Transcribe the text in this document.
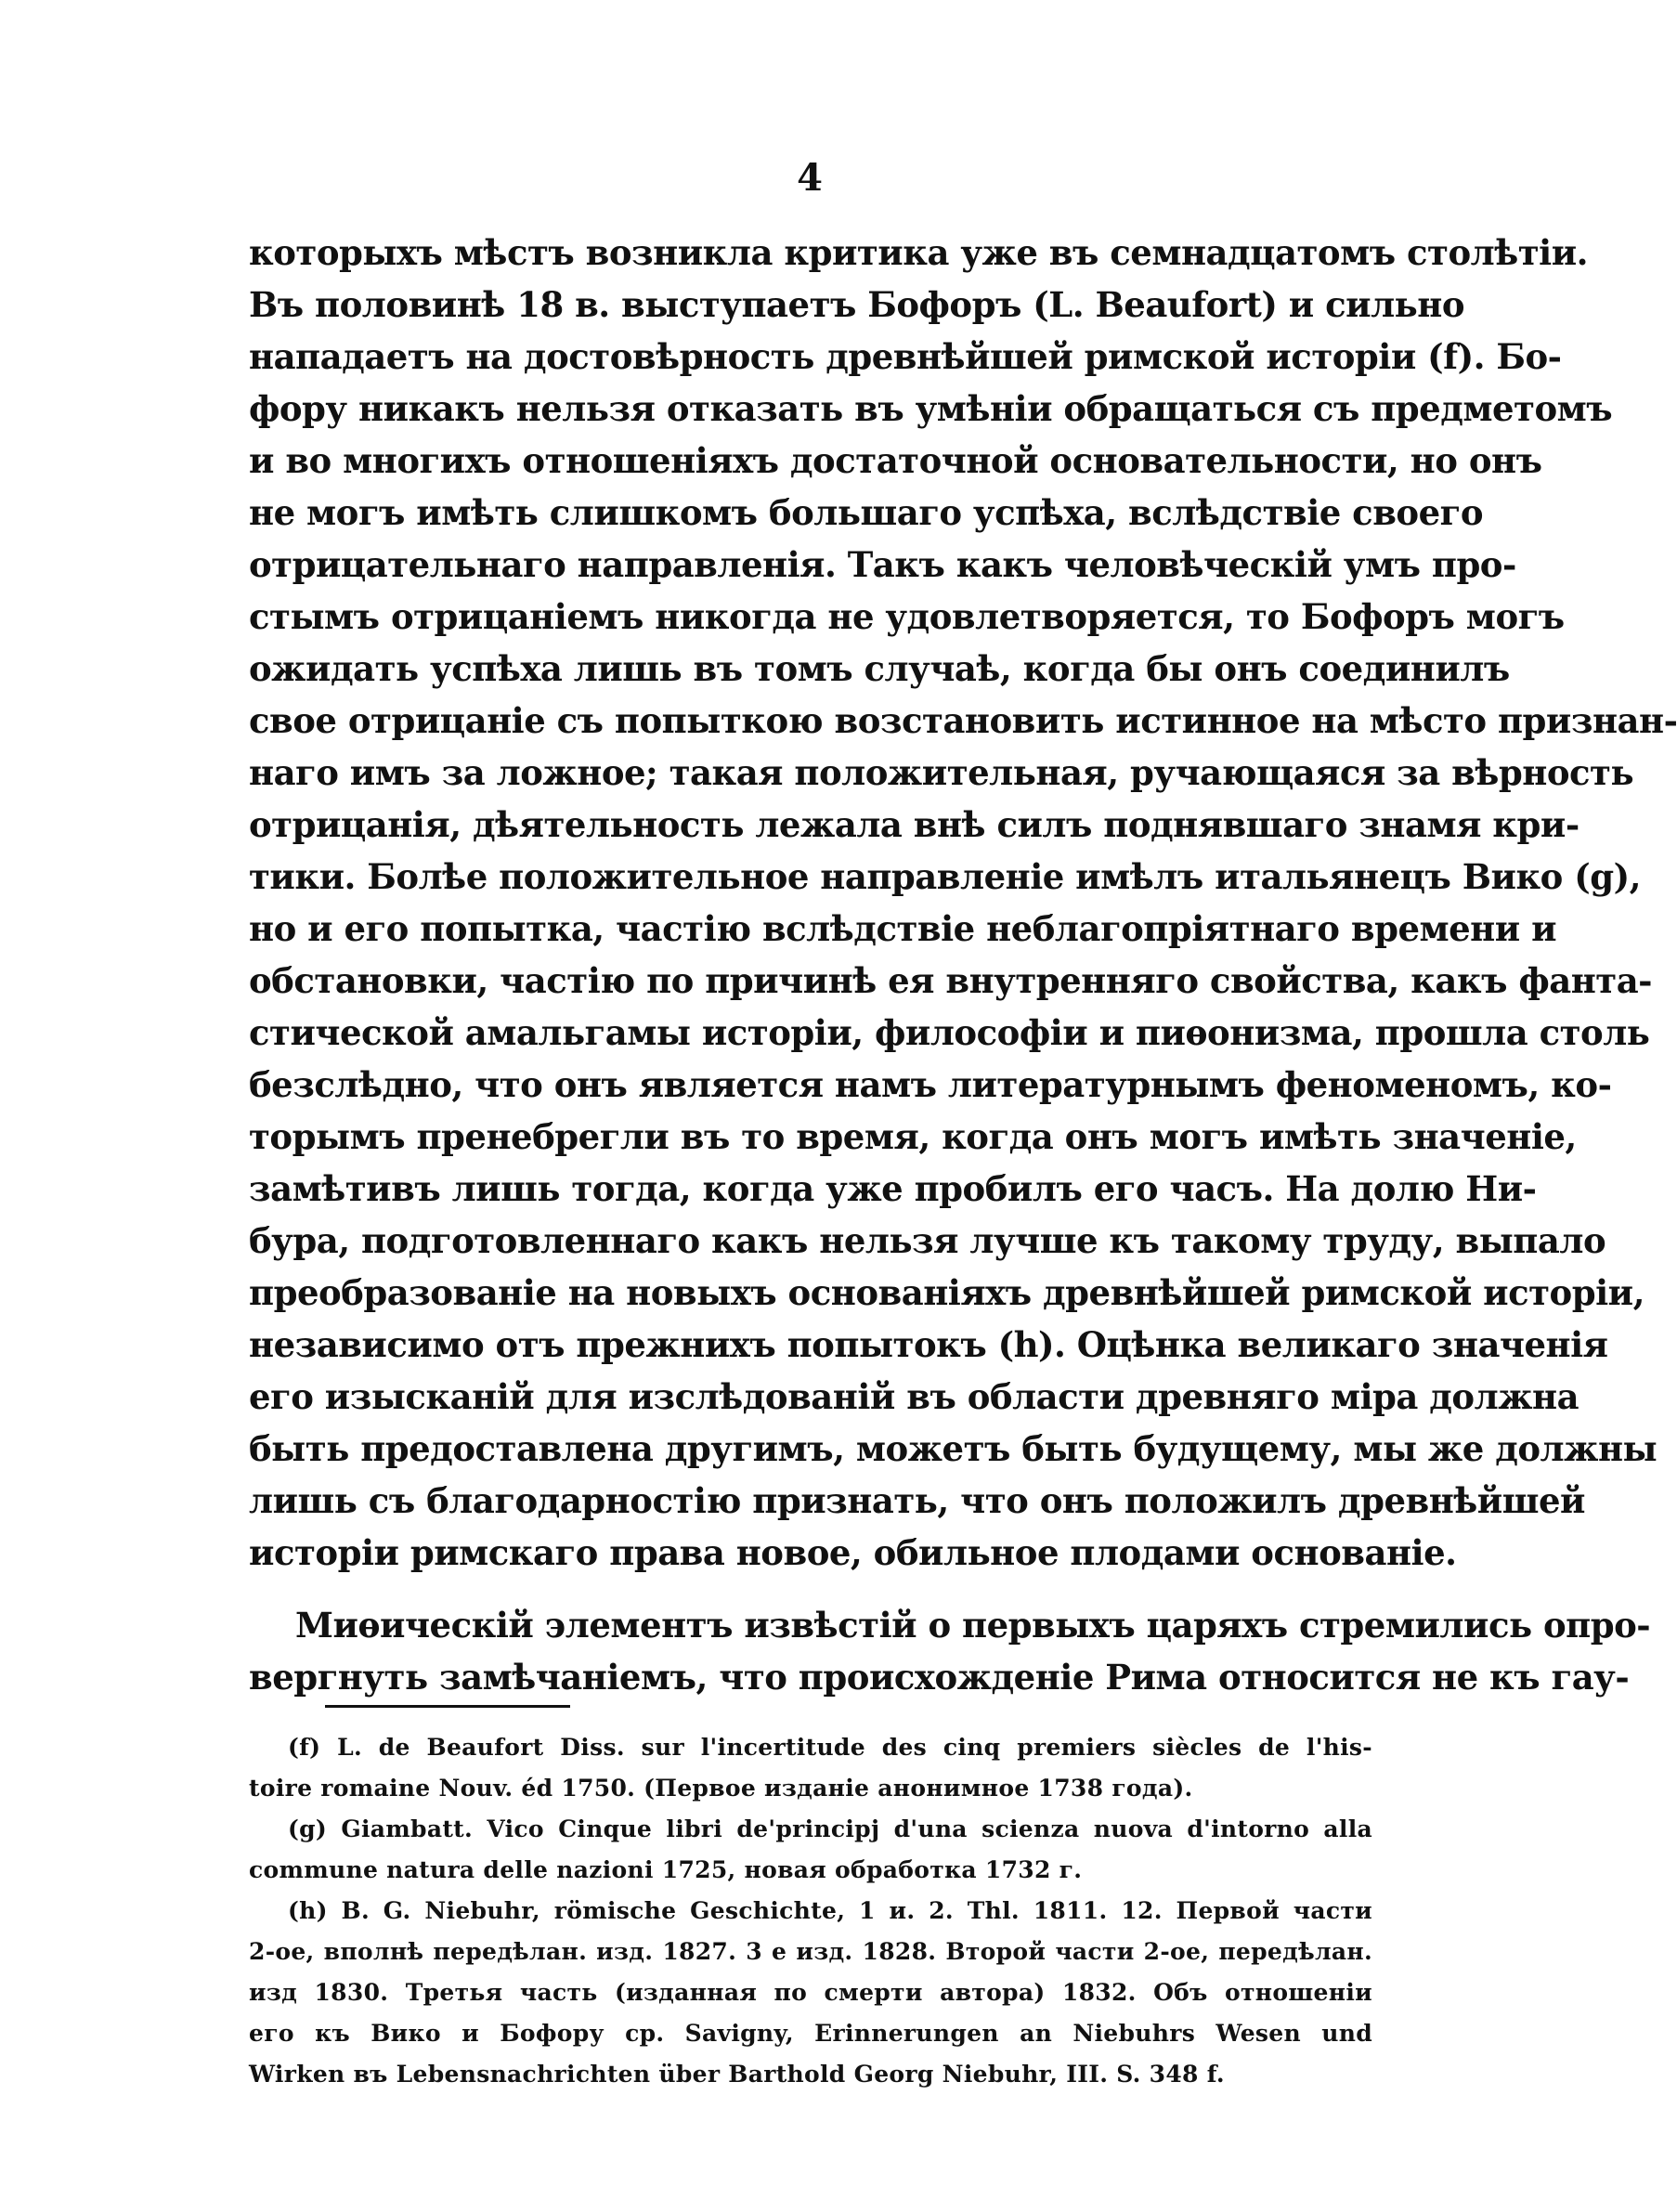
4
которыхъ мѣстъ возникла критика уже въ семнадцатомъ столѣтіи.
Въ половинѣ 18 в. выступаетъ Бофоръ (L. Beaufort) и сильно
нападаетъ на достовѣрность древнѣйшей римской исторіи (f). Бо-
фору никакъ нельзя отказать въ умѣніи обращаться съ предметомъ
и во многихъ отношеніяхъ достаточной основательности, но онъ
не могъ имѣть слишкомъ большаго успѣха, вслѣдствіе своего
отрицательнаго направленія. Такъ какъ человѣческій умъ про-
стымъ отрицаніемъ никогда не удовлетворяется, то Бофоръ могъ
ожидать успѣха лишь въ томъ случаѣ, когда бы онъ соединилъ
свое отрицаніе съ попыткою возстановить истинное на мѣсто признан-
наго имъ за ложное; такая положительная, ручающаяся за вѣрность
отрицанія, дѣятельность лежала внѣ силъ поднявшаго знамя кри-
тики. Болѣе положительное направленіе имѣлъ итальянецъ Вико (g),
но и его попытка, частію вслѣдствіе неблагопріятнаго времени и
обстановки, частію по причинѣ ея внутренняго свойства, какъ фанта-
стической амальгамы исторіи, философіи и пиѳонизма, прошла столь
безслѣдно, что онъ является намъ литературнымъ феноменомъ, ко-
торымъ пренебрегли въ то время, когда онъ могъ имѣть значеніе,
замѣтивъ лишь тогда, когда уже пробилъ его часъ. На долю Ни-
бура, подготовленнаго какъ нельзя лучше къ такому труду, выпало
преобразованіе на новыхъ основаніяхъ древнѣйшей римской исторіи,
независимо отъ прежнихъ попытокъ (h). Оцѣнка великаго значенія
его изысканій для изслѣдованій въ области древняго міра должна
быть предоставлена другимъ, можетъ быть будущему, мы же должны
лишь съ благодарностію признать, что онъ положилъ древнѣйшей
исторіи римскаго права новое, обильное плодами основаніе.
Миѳическій элементъ извѣстій о первыхъ царяхъ стремились опро-
вергнуть замѣчаніемъ, что происхожденіе Рима относится не къ гау-
(f) L. de Beaufort Diss. sur l'incertitude des cinq premiers siècles de l'his-
toire romaine Nouv. éd 1750. (Первое изданіе анонимное 1738 года).
(g) Giambatt. Vico Cinque libri de'principj d'una scienza nuova d'intorno alla
commune natura delle nazioni 1725, новая обработка 1732 г.
(h) B. G. Niebuhr, römische Geschichte, 1 и. 2. Thl. 1811. 12. Первой части
2-ое, вполнѣ передѣлан. изд. 1827. 3 е изд. 1828. Второй части 2-ое, передѣлан.
изд 1830. Третья часть (изданная по смерти автора) 1832. Объ отношеніи
его къ Вико и Бофору ср. Savigny, Erinnerungen an Niebuhrs Wesen und
Wirken въ Lebensnachrichten über Barthold Georg Niebuhr, III. S. 348 f.
